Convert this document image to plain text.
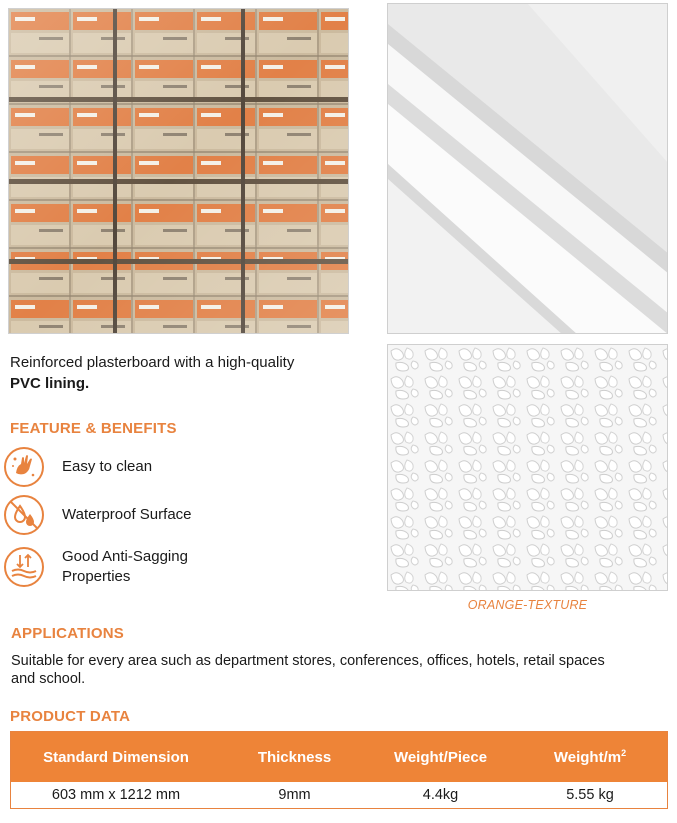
ORANGE-TEXTURE
Reinforced plasterboard with a high-quality
PVC lining.
FEATURE & BENEFITS
Easy to clean
Waterproof Surface
Good Anti-Sagging
Properties
APPLICATIONS
Suitable for every area such as department stores, conferences, offices, hotels, retail spaces and school.
PRODUCT DATA
Standard Dimension	Thickness	Weight/Piece	Weight/$m^2$
603 mm x 1212 mm	9mm	4.4kg	5.55 kg
